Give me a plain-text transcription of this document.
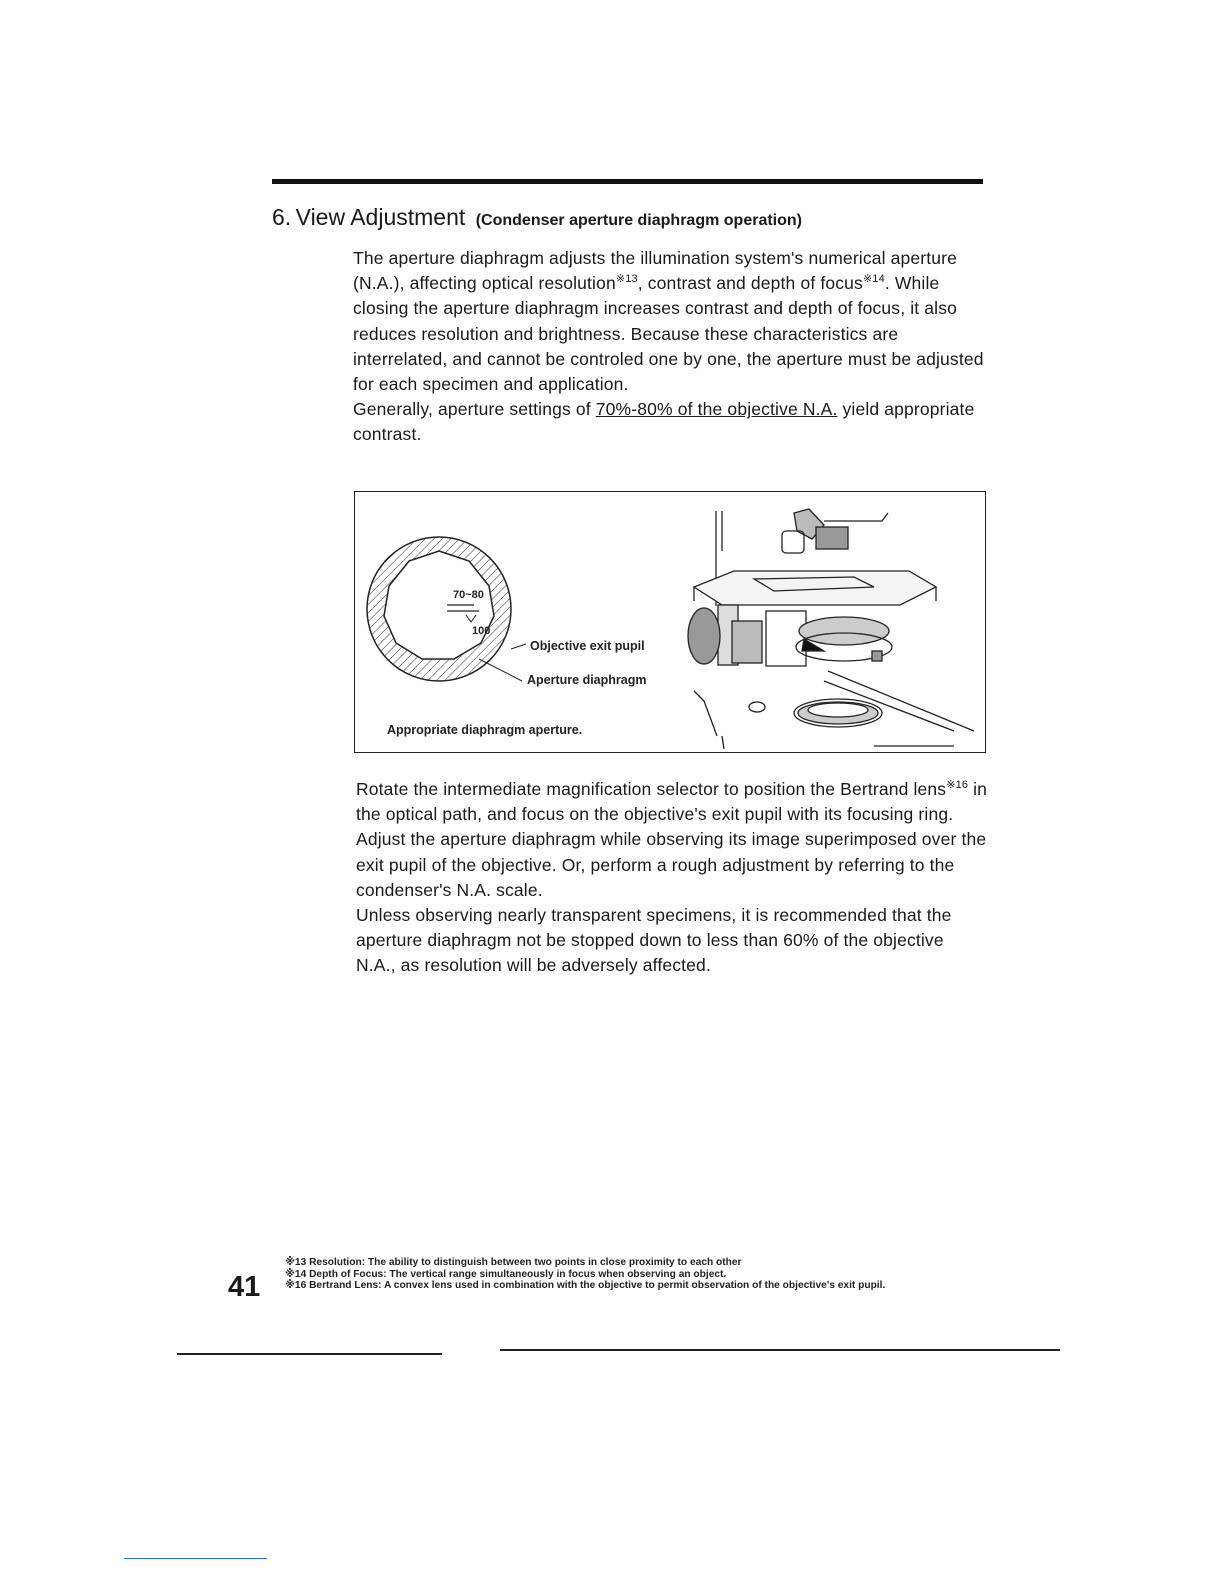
6. View Adjustment (Condenser aperture diaphragm operation)

The aperture diaphragm adjusts the illumination system's numerical aperture (N.A.), affecting optical resolution$^{※13}$, contrast and depth of focus$^{※14}$. While closing the aperture diaphragm increases contrast and depth of focus, it also reduces resolution and brightness. Because these characteristics are interrelated, and cannot be controled one by one, the aperture must be adjusted for each specimen and application.

Generally, aperture settings of 70%-80% of the objective N.A. yield appropriate contrast.

70~80
100
Objective exit pupil
Aperture diaphragm
Appropriate diaphragm aperture.

Rotate the intermediate magnification selector to position the Bertrand lens$^{※16}$ in the optical path, and focus on the objective's exit pupil with its focusing ring. Adjust the aperture diaphragm while observing its image superimposed over the exit pupil of the objective. Or, perform a rough adjustment by referring to the condenser's N.A. scale.

Unless observing nearly transparent specimens, it is recommended that the aperture diaphragm not be stopped down to less than 60% of the objective N.A., as resolution will be adversely affected.

※13 Resolution: The ability to distinguish between two points in close proximity to each other
※14 Depth of Focus: The vertical range simultaneously in focus when observing an object.
※16 Bertrand Lens: A convex lens used in combination with the objective to permit observation of the objective's exit pupil.
41
